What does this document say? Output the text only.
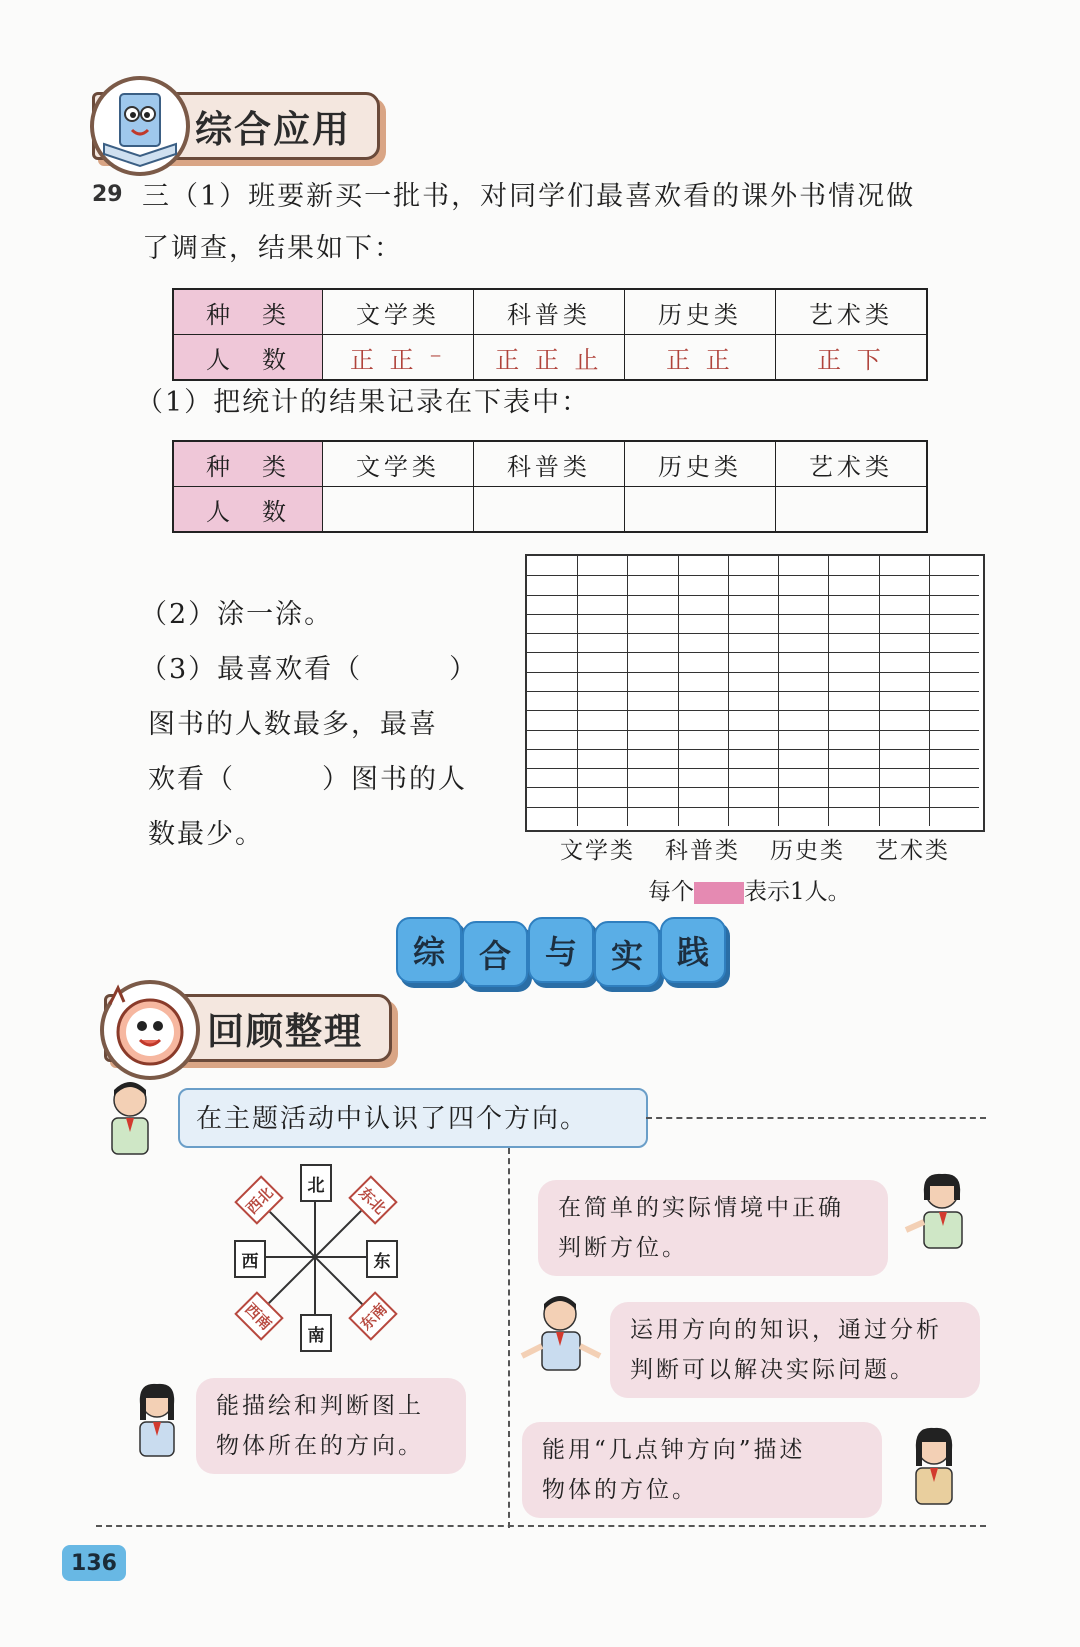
综合应用
29 三（1）班要新买一批书，对同学们最喜欢看的课外书情况做
了调查，结果如下：
种　类	文学类	科普类	历史类	艺术类
人　数	正 正 ⁻	正 正 止	正 正	正 下
（1）把统计的结果记录在下表中：
种　类	文学类	科普类	历史类	艺术类
人　数				
（2）涂一涂。
（3）最喜欢看（　　　）
图书的人数最多，最喜
欢看（　　　）图书的人
数最少。
文学类 科普类 历史类 艺术类
每个 表示1人。
综	合	与	实	践
回顾整理
在主题活动中认识了四个方向。
北
南
东
西
东北
西北
东南
西南
能描绘和判断图上
物体所在的方向。
在简单的实际情境中正确
判断方位。
运用方向的知识，通过分析
判断可以解决实际问题。
能用“几点钟方向”描述
物体的方位。
136
